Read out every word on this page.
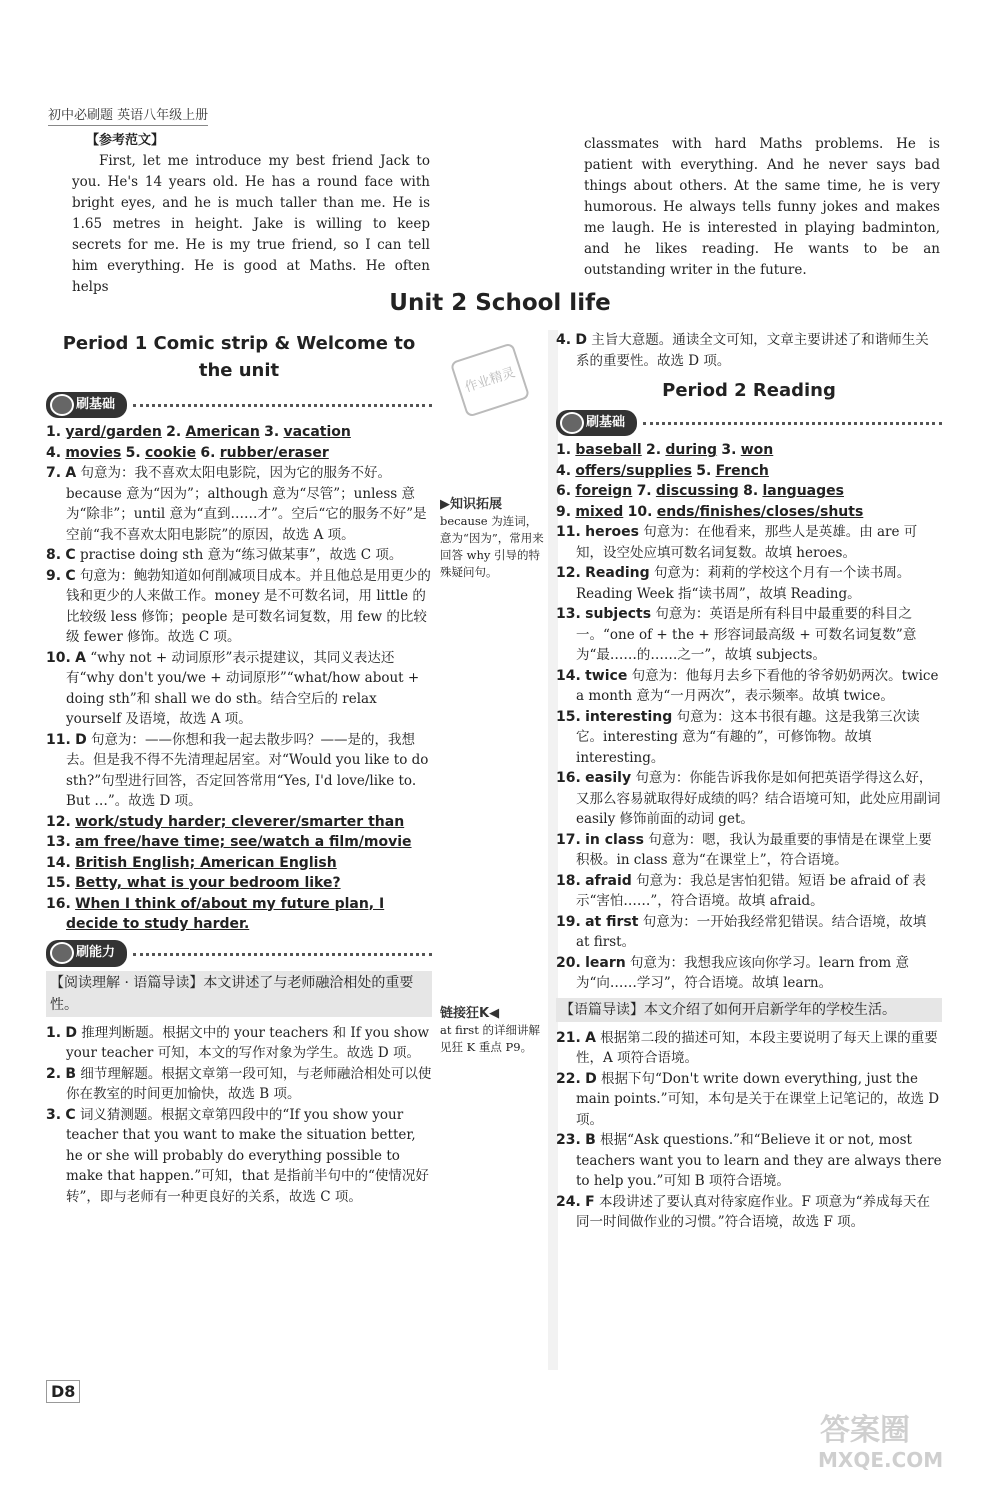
初中必刷题 英语八年级上册
【参考范文】

First, let me introduce my best friend Jack to you. He's 14 years old. He has a round face with bright eyes, and he is much taller than me. He is 1.65 metres in height. Jake is willing to keep secrets for me. He is my true friend, so I can tell him everything. He is good at Maths. He often helps

classmates with hard Maths problems. He is patient with everything. And he never says bad things about others. At the same time, he is very humorous. He always tells funny jokes and makes me laugh. He is interested in playing badminton, and he likes reading. He wants to be an outstanding writer in the future.

Unit 2 School life
Period 1 Comic strip & Welcome to
the unit
刷基础
1. yard/garden 2. American 3. vacation
4. movies 5. cookie 6. rubber/eraser
7. A 句意为：我不喜欢太阳电影院，因为它的服务不好。because 意为“因为”；although 意为“尽管”；unless 意为“除非”；until 意为“直到……才”。空后“它的服务不好”是空前“我不喜欢太阳电影院”的原因，故选 A 项。
8. C practise doing sth 意为“练习做某事”，故选 C 项。
9. C 句意为：鲍勃知道如何削减项目成本。并且他总是用更少的钱和更少的人来做工作。money 是不可数名词，用 little 的比较级 less 修饰；people 是可数名词复数，用 few 的比较级 fewer 修饰。故选 C 项。
10. A “why not + 动词原形”表示提建议，其同义表达还有“why don't you/we + 动词原形”“what/how about + doing sth”和 shall we do sth。结合空后的 relax yourself 及语境，故选 A 项。
11. D 句意为：——你想和我一起去散步吗？——是的，我想去。但是我不得不先清理起居室。对“Would you like to do sth?”句型进行回答，否定回答常用“Yes, I'd love/like to. But …”。故选 D 项。
12. work/study harder; cleverer/smarter than
13. am free/have time; see/watch a film/movie
14. British English; American English
15. Betty, what is your bedroom like?
16. When I think of/about my future plan, I decide to study harder.
刷能力
【阅读理解 · 语篇导读】本文讲述了与老师融洽相处的重要性。
1. D 推理判断题。根据文中的 your teachers 和 If you show your teacher 可知，本文的写作对象为学生。故选 D 项。
2. B 细节理解题。根据文章第一段可知，与老师融洽相处可以使你在教室的时间更加愉快，故选 B 项。
3. C 词义猜测题。根据文章第四段中的“If you show your teacher that you want to make the situation better, he or she will probably do everything possible to make that happen.”可知，that 是指前半句中的“使情况好转”，即与老师有一种更良好的关系，故选 C 项。
作业精灵
▶知识拓展
because 为连词，意为“因为”，常用来回答 why 引导的特殊疑问句。
链接狂K◀
at first 的详细讲解见狂 K 重点 P9。
4. D 主旨大意题。通读全文可知，文章主要讲述了和谐师生关系的重要性。故选 D 项。
Period 2 Reading
刷基础
1. baseball 2. during 3. won
4. offers/supplies 5. French
6. foreign 7. discussing 8. languages
9. mixed 10. ends/finishes/closes/shuts
11. heroes 句意为：在他看来，那些人是英雄。由 are 可知，设空处应填可数名词复数。故填 heroes。
12. Reading 句意为：莉莉的学校这个月有一个读书周。Reading Week 指“读书周”，故填 Reading。
13. subjects 句意为：英语是所有科目中最重要的科目之一。“one of + the + 形容词最高级 + 可数名词复数”意为“最……的……之一”，故填 subjects。
14. twice 句意为：他每月去乡下看他的爷爷奶奶两次。twice a month 意为“一月两次”，表示频率。故填 twice。
15. interesting 句意为：这本书很有趣。这是我第三次读它。interesting 意为“有趣的”，可修饰物。故填 interesting。
16. easily 句意为：你能告诉我你是如何把英语学得这么好，又那么容易就取得好成绩的吗？结合语境可知，此处应用副词 easily 修饰前面的动词 get。
17. in class 句意为：嗯，我认为最重要的事情是在课堂上要积极。in class 意为“在课堂上”，符合语境。
18. afraid 句意为：我总是害怕犯错。短语 be afraid of 表示“害怕……”，符合语境。故填 afraid。
19. at first 句意为：一开始我经常犯错误。结合语境，故填 at first。
20. learn 句意为：我想我应该向你学习。learn from 意为“向……学习”，符合语境。故填 learn。
【语篇导读】本文介绍了如何开启新学年的学校生活。
21. A 根据第二段的描述可知，本段主要说明了每天上课的重要性，A 项符合语境。
22. D 根据下句“Don't write down everything, just the main points.”可知，本句是关于在课堂上记笔记的，故选 D 项。
23. B 根据“Ask questions.”和“Believe it or not, most teachers want you to learn and they are always there to help you.”可知 B 项符合语境。
24. F 本段讲述了要认真对待家庭作业。F 项意为“养成每天在同一时间做作业的习惯。”符合语境，故选 F 项。
D8
答案圈
MXQE.COM
